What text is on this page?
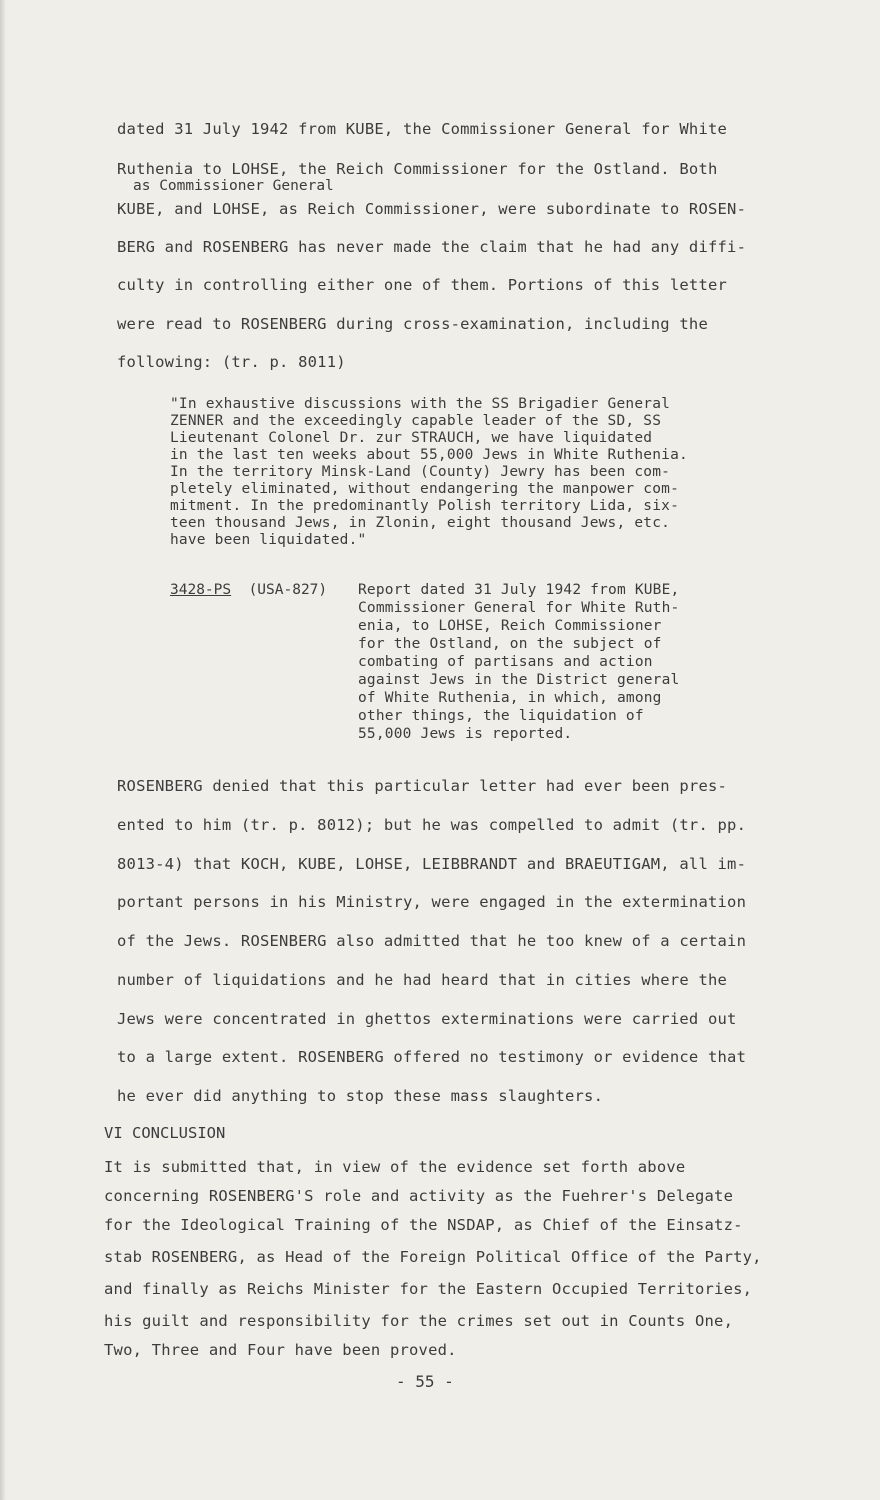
dated 31 July 1942 from KUBE, the Commissioner General for White
Ruthenia to LOHSE, the Reich Commissioner for the Ostland. Both
as Commissioner General
KUBE, and LOHSE, as Reich Commissioner, were subordinate to ROSEN-
BERG and ROSENBERG has never made the claim that he had any diffi-
culty in controlling either one of them. Portions of this letter
were read to ROSENBERG during cross-examination, including the
following: (tr. p. 8011)
"In exhaustive discussions with the SS Brigadier General
ZENNER and the exceedingly capable leader of the SD, SS
Lieutenant Colonel Dr. zur STRAUCH, we have liquidated
in the last ten weeks about 55,000 Jews in White Ruthenia.
In the territory Minsk-Land (County) Jewry has been com-
pletely eliminated, without endangering the manpower com-
mitment. In the predominantly Polish territory Lida, six-
teen thousand Jews, in Zlonin, eight thousand Jews, etc.
have been liquidated."
3428-PS (USA-827) Report dated 31 July 1942 from KUBE,
Commissioner General for White Ruth-
enia, to LOHSE, Reich Commissioner
for the Ostland, on the subject of
combating of partisans and action
against Jews in the District general
of White Ruthenia, in which, among
other things, the liquidation of
55,000 Jews is reported.
ROSENBERG denied that this particular letter had ever been pres-
ented to him (tr. p. 8012); but he was compelled to admit (tr. pp.
8013-4) that KOCH, KUBE, LOHSE, LEIBBRANDT and BRAEUTIGAM, all im-
portant persons in his Ministry, were engaged in the extermination
of the Jews. ROSENBERG also admitted that he too knew of a certain
number of liquidations and he had heard that in cities where the
Jews were concentrated in ghettos exterminations were carried out
to a large extent. ROSENBERG offered no testimony or evidence that
he ever did anything to stop these mass slaughters.
VI CONCLUSION
It is submitted that, in view of the evidence set forth above
concerning ROSENBERG'S role and activity as the Fuehrer's Delegate
for the Ideological Training of the NSDAP, as Chief of the Einsatz-
stab ROSENBERG, as Head of the Foreign Political Office of the Party,
and finally as Reichs Minister for the Eastern Occupied Territories,
his guilt and responsibility for the crimes set out in Counts One,
Two, Three and Four have been proved.
- 55 -
